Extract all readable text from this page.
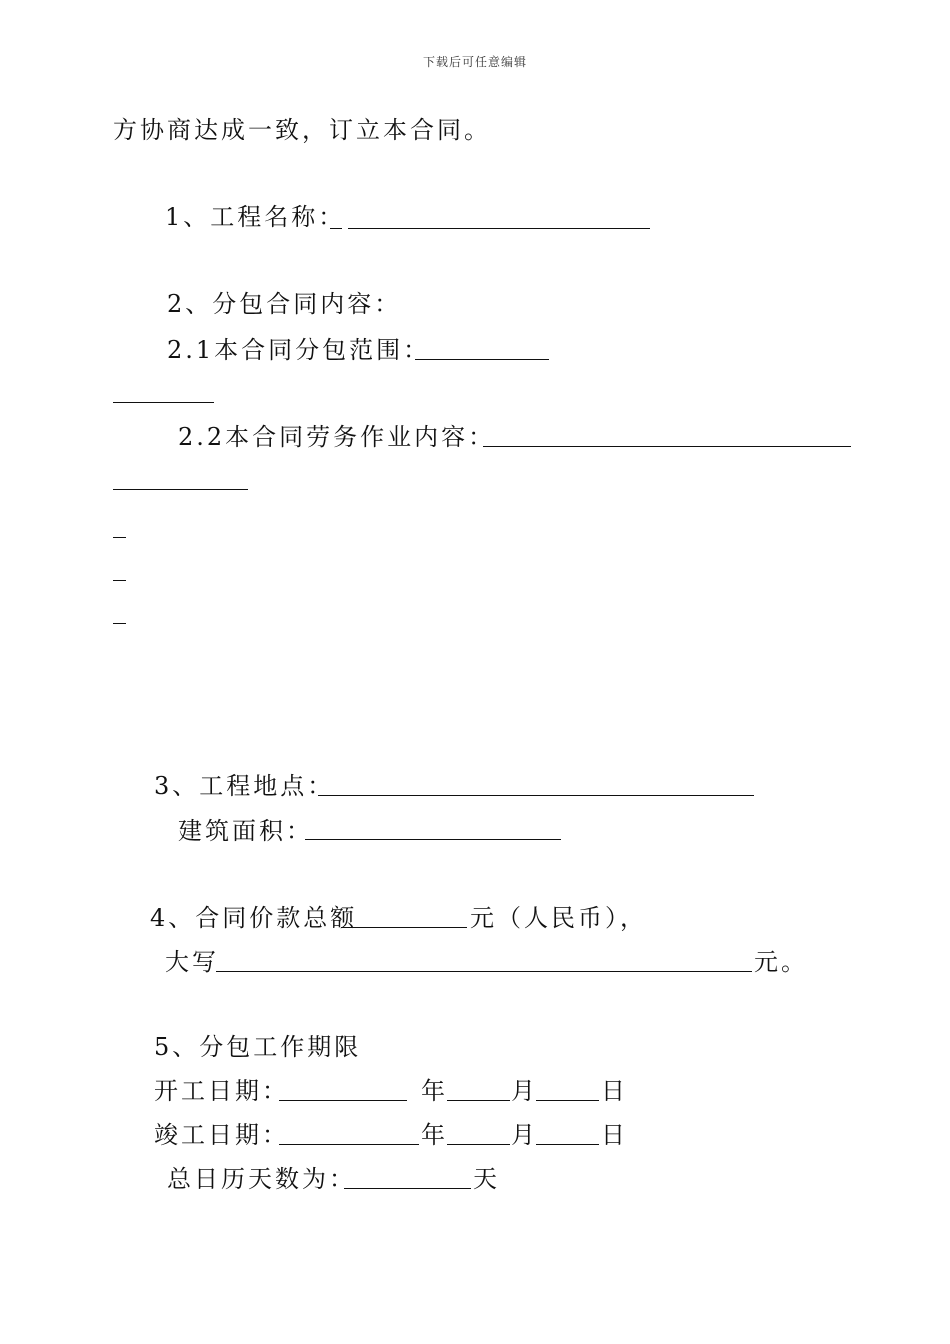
下载后可任意编辑
方协商达成一致，订立本合同。
1、工程名称：
2、分包合同内容：
2.1本合同分包范围：
2.2本合同劳务作业内容：
3、工程地点：
建筑面积：
4、合同价款总额	元（人民币），
大写	元。
5、分包工作期限
开工日期：	年	月	日
竣工日期：	年	月	日
总日历天数为：	天
